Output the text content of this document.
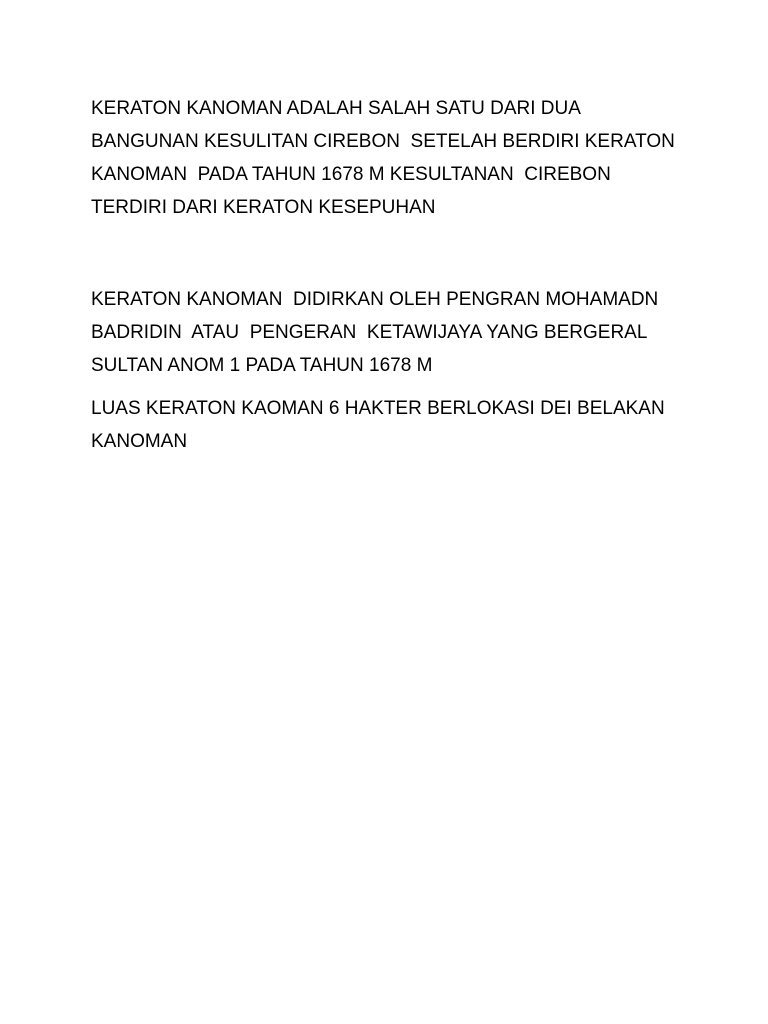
KERATON KANOMAN ADALAH SALAH SATU DARI DUA
BANGUNAN KESULITAN CIREBON  SETELAH BERDIRI KERATON
KANOMAN  PADA TAHUN 1678 M KESULTANAN  CIREBON
TERDIRI DARI KERATON KESEPUHAN

KERATON KANOMAN  DIDIRKAN OLEH PENGRAN MOHAMADN
BADRIDIN  ATAU  PENGERAN  KETAWIJAYA YANG BERGERAL
SULTAN ANOM 1 PADA TAHUN 1678 M

LUAS KERATON KAOMAN 6 HAKTER BERLOKASI DEI BELAKAN
KANOMAN
